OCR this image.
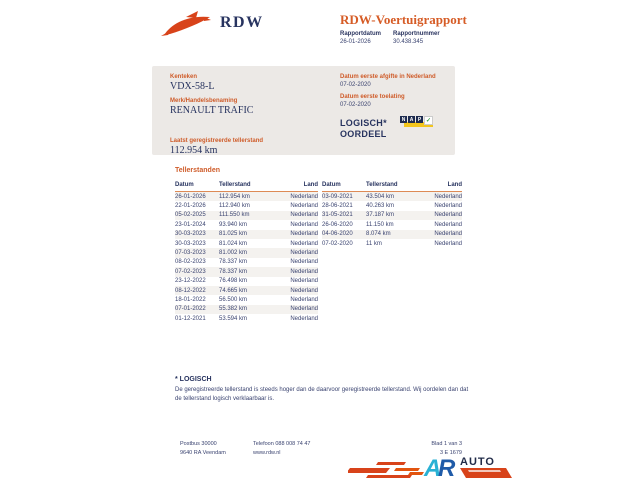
RDW	RDW-Voertuigrapport
Rapportdatum
26-01-2026
Rapportnummer
30.438.345
Kenteken
VDX-58-L
Merk/Handelsbenaming
RENAULT TRAFIC
Laatst geregistreerde tellerstand
112.954 km
Datum eerste afgifte in Nederland
07-02-2020
Datum eerste toelating
07-02-2020
LOGISCH*
OORDEEL
N A P ✓
Tellerstanden
Datum	Tellerstand	Land
26-01-2026	112.954 km	Nederland
22-01-2026	112.940 km	Nederland
05-02-2025	111.550 km	Nederland
23-01-2024	93.940 km	Nederland
30-03-2023	81.025 km	Nederland
30-03-2023	81.024 km	Nederland
07-03-2023	81.002 km	Nederland
08-02-2023	78.337 km	Nederland
07-02-2023	78.337 km	Nederland
23-12-2022	76.498 km	Nederland
08-12-2022	74.665 km	Nederland
18-01-2022	56.500 km	Nederland
07-01-2022	55.382 km	Nederland
01-12-2021	53.594 km	Nederland
Datum	Tellerstand	Land
03-09-2021	43.504 km	Nederland
28-06-2021	40.263 km	Nederland
31-05-2021	37.187 km	Nederland
26-06-2020	11.150 km	Nederland
04-06-2020	8.074 km	Nederland
07-02-2020	11 km	Nederland
* LOGISCH
De geregistreerde tellerstand is steeds hoger dan de daarvoor geregistreerde tellerstand. Wij oordelen dan dat de tellerstand logisch verklaarbaar is.
Postbus 30000
9640 RA Veendam
Telefoon 088 008 74 47
www.rdw.nl
Blad 1 van 3
3 E 1679
A
R AUTO
